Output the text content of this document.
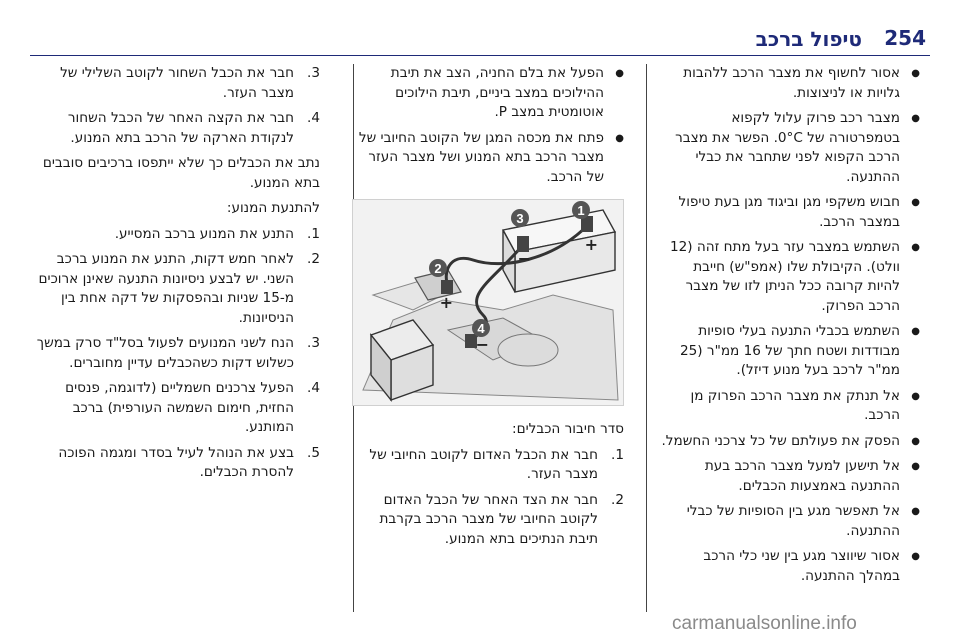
254
טיפול ברכב
● אסור לחשוף את מצבר הרכב ללהבות גלויות או לניצוצות.
● מצבר רכב פרוק עלול לקפוא בטמפרטורה של 0°C. הפשר את מצבר הרכב הקפוא לפני שתחבר את כבלי ההתנעה.
● חבוש משקפי מגן וביגוד מגן בעת טיפול במצבר הרכב.
● השתמש במצבר עזר בעל מתח זהה (12 וולט). הקיבולת שלו (אמפ"ש) חייבת להיות קרובה ככל הניתן לזו של מצבר הרכב הפרוק.
● השתמש בכבלי התנעה בעלי סופיות מבודדות ושטח חתך של 16 ממ"ר (25 ממ"ר לרכב בעל מנוע דיזל).
● אל תנתק את מצבר הרכב הפרוק מן הרכב.
● הפסק את פעולתם של כל צרכני החשמל.
● אל תישען למעל מצבר הרכב בעת ההתנעה באמצעות הכבלים.
● אל תאפשר מגע בין הסופיות של כבלי ההתנעה.
● אסור שיווצר מגע בין שני כלי הרכב במהלך ההתנעה.
● הפעל את בלם החניה, הצב את תיבת ההילוכים במצב ביניים, תיבת הילוכים אוטומטית במצב P.
● פתח את מכסה המגן של הקוטב החיובי של מצבר הרכב בתא המנוע ושל מצבר העזר של הרכב.
1
3
2
4
+
−
+
−
סדר חיבור הכבלים:
1.
חבר את הכבל האדום לקוטב החיובי של מצבר העזר.
2.
חבר את הצד האחר של הכבל האדום לקוטב החיובי של מצבר הרכב בקרבת תיבת הנתיכים בתא המנוע.
3.
חבר את הכבל השחור לקוטב השלילי של מצבר העזר.
4.
חבר את הקצה האחר של הכבל השחור לנקודת הארקה של הרכב בתא המנוע.

נתב את הכבלים כך שלא ייתפסו ברכיבים סובבים בתא המנוע.

להתנעת המנוע:
1.
התנע את המנוע ברכב המסייע.
2.
לאחר חמש דקות, התנע את המנוע ברכב השני. יש לבצע ניסיונות התנעה שאינן ארוכים מ-15 שניות ובהפסקות של דקה אחת בין הניסיונות.
3.
הנח לשני המנועים לפעול בסל"ד סרק במשך כשלוש דקות כשהכבלים עדיין מחוברים.
4.
הפעל צרכנים חשמליים (לדוגמה, פנסים החזית, חימום השמשה העורפית) ברכב המותנע.
5.
בצע את הנוהל לעיל בסדר ומגמה הפוכה להסרת הכבלים.
carmanualsonline.info
